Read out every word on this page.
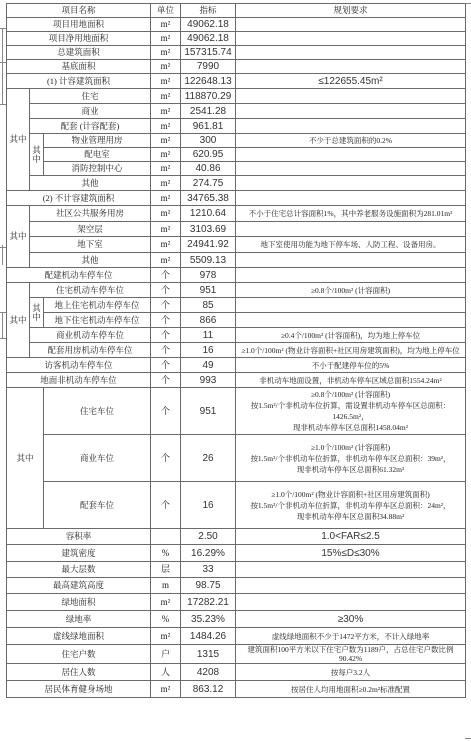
项目名称			单位	指标	规划要求
项目用地面积			m²	49062.18	
项目净用地面积			m²	49062.18	
总建筑面积			m²	157315.74	
基底面积			m²	7990	
(1) 计容建筑面积			m²	122648.13	≤122655.45m²
其中	住宅		m²	118870.29	
	商业		m²	2541.28	
	配套 (计容配套)		m²	961.81	
	其中	物业管理用房	m²	300	不少于总建筑面积的0.2%
		配电室	m²	620.95	
		消防控制中心	m²	40.86	
	其他		m²	274.75	
(2) 不计容建筑面积			m²	34765.38	
其中	社区公共服务用房		m²	1210.64	不小于住宅总计容面积1%，其中养老服务设施面积为281.01m²
	架空层		m²	3103.69	
	地下室		m²	24941.92	地下室使用功能为地下停车场、人防工程、设备用房。
	其他		m²	5509.13	
配建机动车停车位			个	978	
其中	住宅机动车停车位		个	951	≥0.8个/100m² (计容面积)
	其中	地上住宅机动车停车位	个	85	
		地下住宅机动车停车位	个	866	
	商业机动车停车位		个	11	≥0.4个/100m² (计容面积)，均为地上停车位
	配套用房机动车停车位		个	16	≥1.0个/100m² (物业计容面积+社区用房建筑面积)，均为地上停车位
访客机动车停车位			个	49	不小于配建停车位的5%
地面非机动车停车位			个	993	非机动车地面设置，非机动车停车区域总面积1554.24m²
其中		住宅车位	个	951	≥0.8个/100m² (计容面积)
按1.5m²/个非机动车位折算，需设置非机动车停车区总面积：1426.5m²，
现非机动车停车区总面积1458.04m²

		商业车位	个	26	≥1.0个/100m² (计容面积)
按1.5m²/个非机动车位折算，非机动车停车区总面积：39m²，
现非机动车停车区总面积61.32m²

		配套车位	个	16	≥1.0个/100m² (物业计容面积+社区用房建筑面积)
按1.5m²/个非机动车位折算，非机动车停车区总面积：24m²，
现非机动车停车区总面积34.88m²

容积率				2.50	1.0<FAR≤2.5
建筑密度			%	16.29%	15%≤D≤30%
最大层数			层	33	
最高建筑高度			m	98.75	
绿地面积			m²	17282.21	
绿地率			%	35.23%	≥30%
虚线绿地面积			m²	1484.26	虚线绿地面积不少于1472平方米，不计入绿地率
住宅户数			户	1315	建筑面积100平方米以下住宅户数为1189户，占总住宅户数比例90.42%
居住人数			人	4208	按每户3.2人
居民体育健身场地			m²	863.12	按居住人均用地面积≥0.2m²标准配置
